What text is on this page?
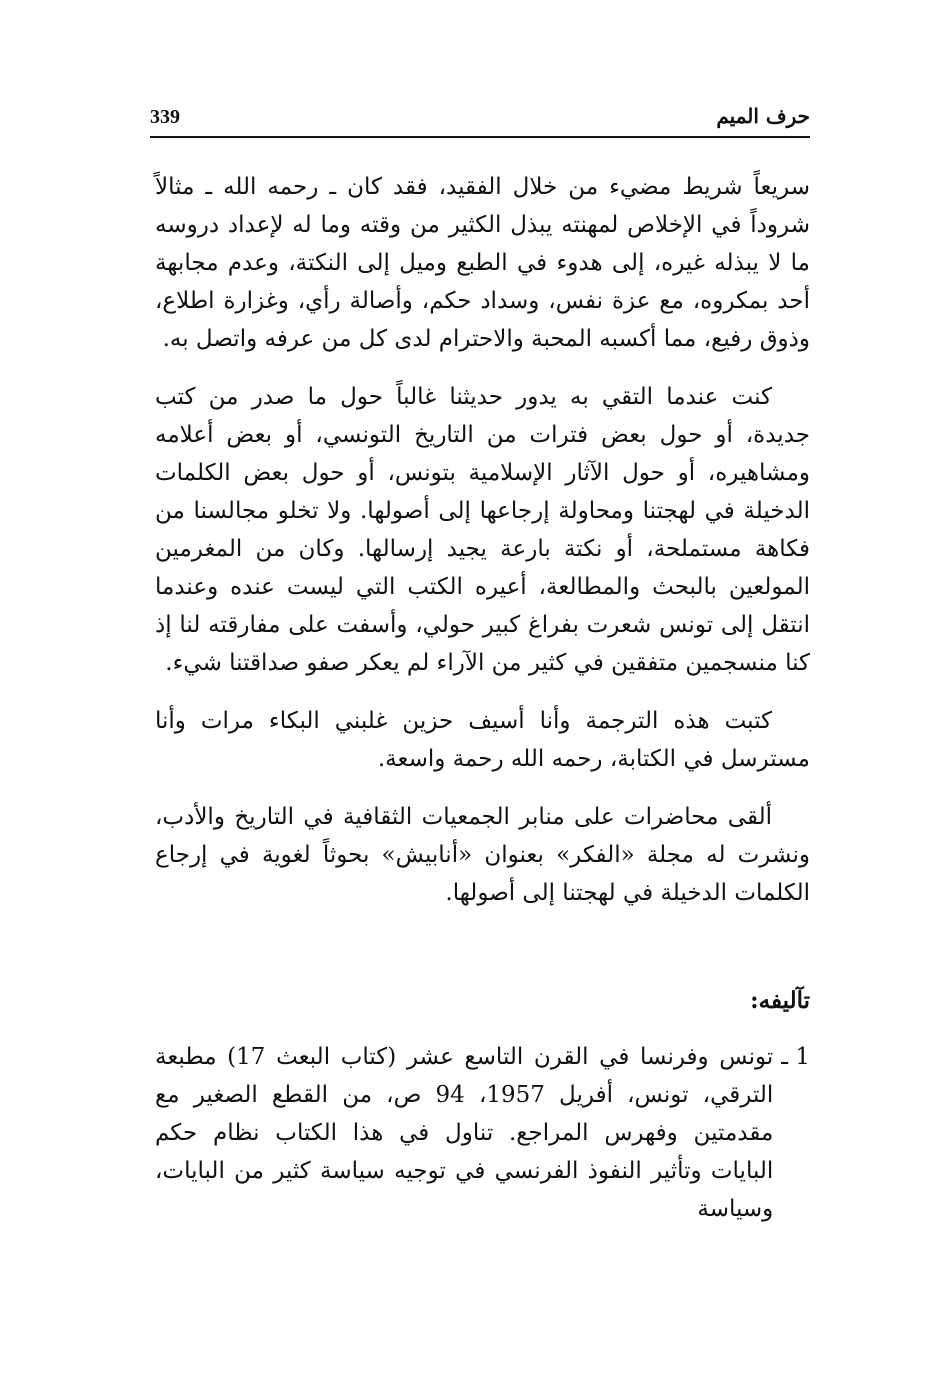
339	حرف الميم

سريعاً شريط مضيء من خلال الفقيد، فقد كان ـ رحمه الله ـ مثالاً شروداً في الإخلاص لمهنته يبذل الكثير من وقته وما له لإعداد دروسه ما لا يبذله غيره، إلى هدوء في الطبع وميل إلى النكتة، وعدم مجابهة أحد بمكروه، مع عزة نفس، وسداد حكم، وأصالة رأي، وغزارة اطلاع، وذوق رفيع، مما أكسبه المحبة والاحترام لدى كل من عرفه واتصل به.

كنت عندما التقي به يدور حديثنا غالباً حول ما صدر من كتب جديدة، أو حول بعض فترات من التاريخ التونسي، أو بعض أعلامه ومشاهيره، أو حول الآثار الإسلامية بتونس، أو حول بعض الكلمات الدخيلة في لهجتنا ومحاولة إرجاعها إلى أصولها. ولا تخلو مجالسنا من فكاهة مستملحة، أو نكتة بارعة يجيد إرسالها. وكان من المغرمين المولعين بالبحث والمطالعة، أعيره الكتب التي ليست عنده وعندما انتقل إلى تونس شعرت بفراغ كبير حولي، وأسفت على مفارقته لنا إذ كنا منسجمين متفقين في كثير من الآراء لم يعكر صفو صداقتنا شيء.

كتبت هذه الترجمة وأنا أسيف حزين غلبني البكاء مرات وأنا مسترسل في الكتابة، رحمه الله رحمة واسعة.

ألقى محاضرات على منابر الجمعيات الثقافية في التاريخ والأدب، ونشرت له مجلة «الفكر» بعنوان «أنابيش» بحوثاً لغوية في إرجاع الكلمات الدخيلة في لهجتنا إلى أصولها.

تآليفه:
1 ـ
تونس وفرنسا في القرن التاسع عشر (كتاب البعث 17) مطبعة الترقي، تونس، أفريل 1957، 94 ص، من القطع الصغير مع مقدمتين وفهرس المراجع. تناول في هذا الكتاب نظام حكم البايات وتأثير النفوذ الفرنسي في توجيه سياسة كثير من البايات، وسياسة
